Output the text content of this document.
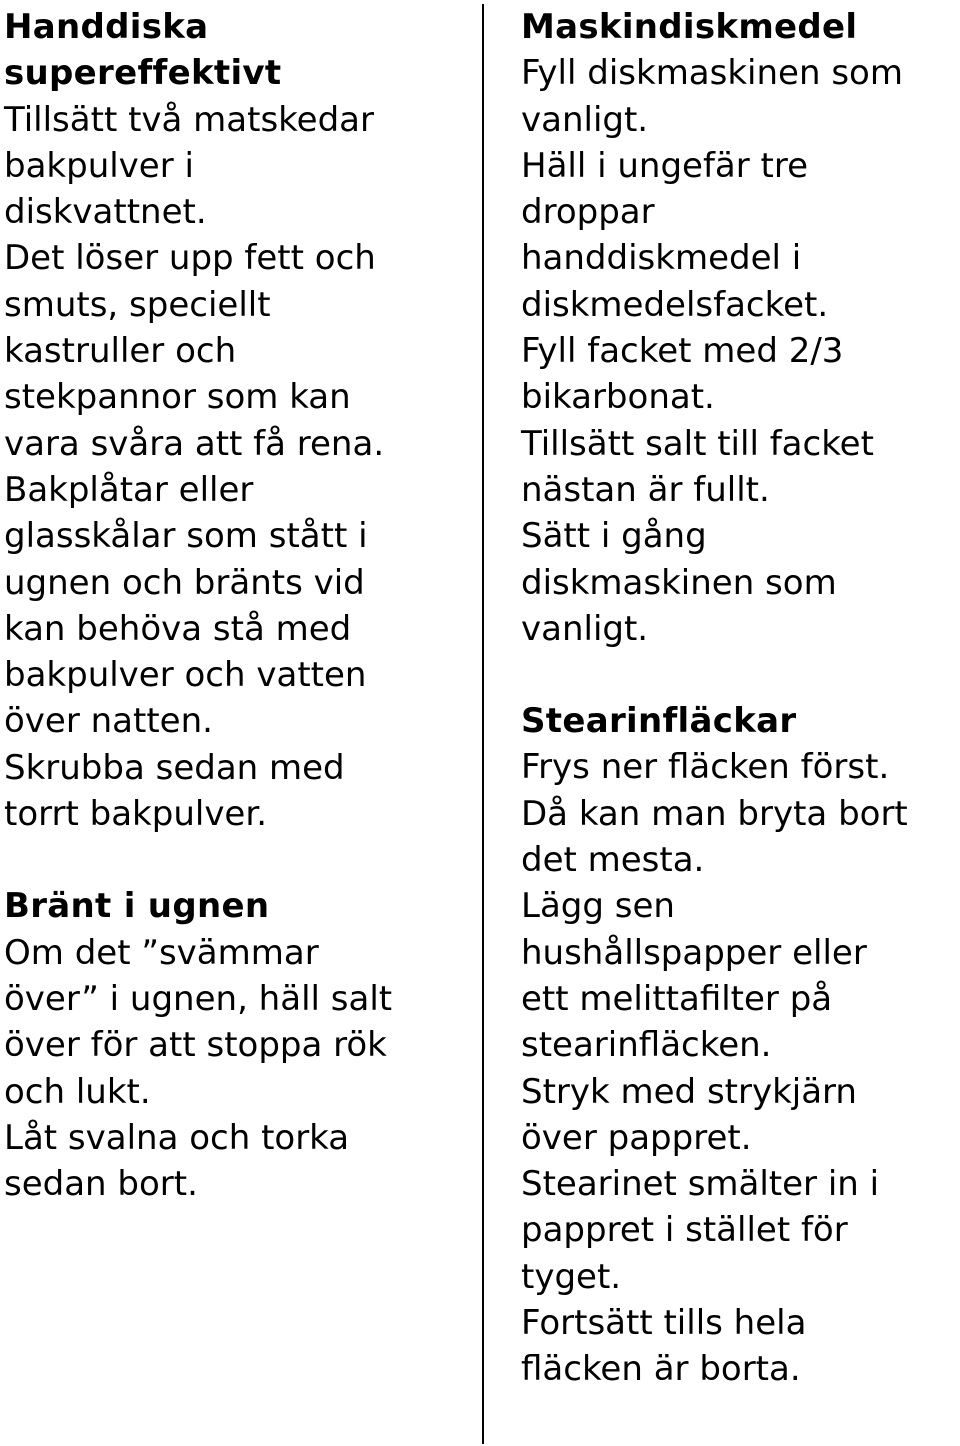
Handdiska

supereffektivt

Tillsätt två matskedar

bakpulver i

diskvattnet.

Det löser upp fett och

smuts, speciellt

kastruller och

stekpannor som kan

vara svåra att få rena.

Bakplåtar eller

glasskålar som stått i

ugnen och bränts vid

kan behöva stå med

bakpulver och vatten

över natten.

Skrubba sedan med

torrt bakpulver.

Bränt i ugnen

Om det ”svämmar

över” i ugnen, häll salt

över för att stoppa rök

och lukt.

Låt svalna och torka

sedan bort.

Maskindiskmedel

Fyll diskmaskinen som

vanligt.

Häll i ungefär tre

droppar

handdiskmedel i

diskmedelsfacket.

Fyll facket med 2/3

bikarbonat.

Tillsätt salt till facket

nästan är fullt.

Sätt i gång

diskmaskinen som

vanligt.

Stearinfläckar

Frys ner fläcken först.

Då kan man bryta bort

det mesta.

Lägg sen

hushållspapper eller

ett melittafilter på

stearinfläcken.

Stryk med strykjärn

över pappret.

Stearinet smälter in i

pappret i stället för

tyget.

Fortsätt tills hela

fläcken är borta.
